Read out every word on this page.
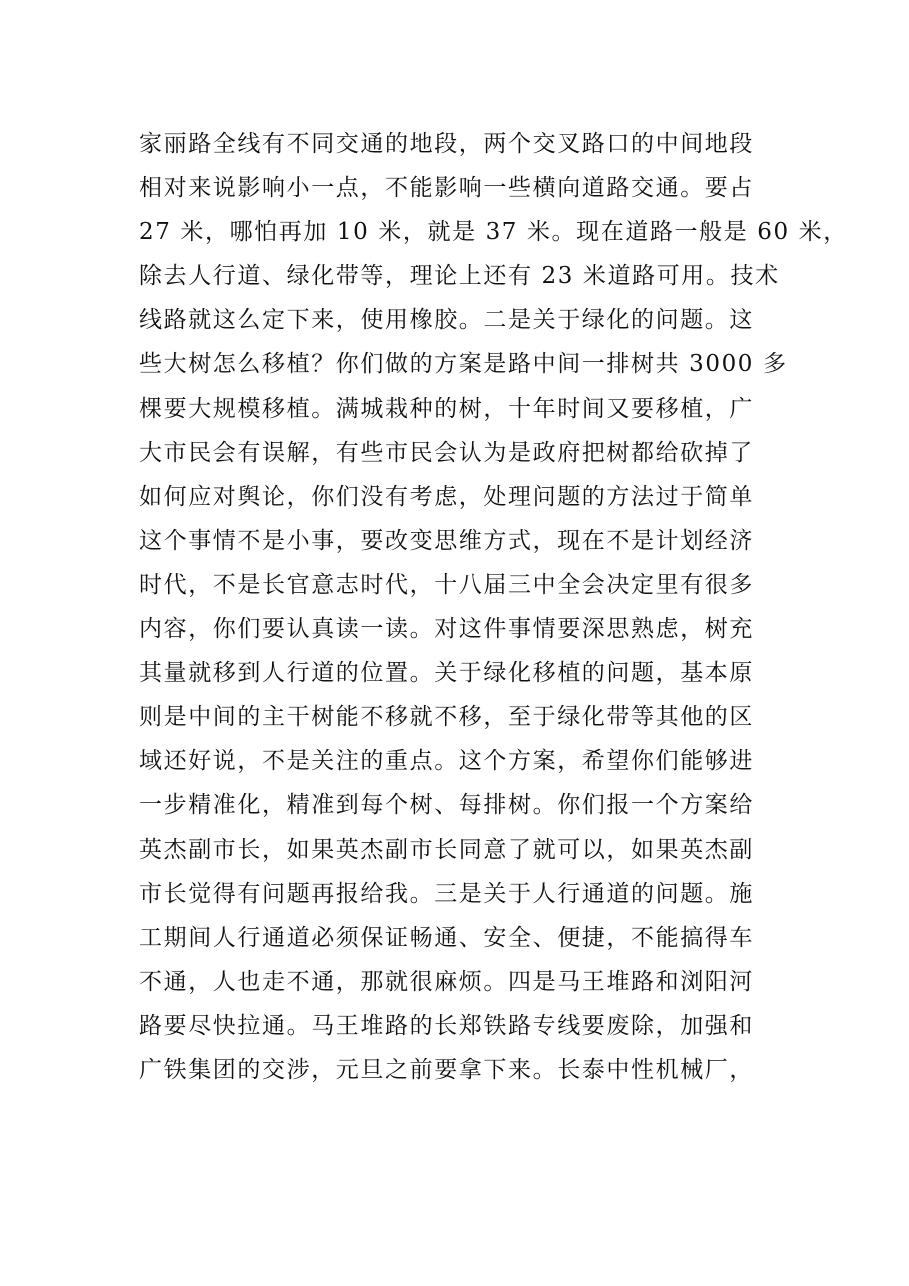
家丽路全线有不同交通的地段，两个交叉路口的中间地段
相对来说影响小一点，不能影响一些横向道路交通。要占
27 米，哪怕再加 10 米，就是 37 米。现在道路一般是 60 米，
除去人行道、绿化带等，理论上还有 23 米道路可用。技术
线路就这么定下来，使用橡胶。二是关于绿化的问题。这
些大树怎么移植？你们做的方案是路中间一排树共 3000 多
棵要大规模移植。满城栽种的树，十年时间又要移植，广
大市民会有误解，有些市民会认为是政府把树都给砍掉了
如何应对舆论，你们没有考虑，处理问题的方法过于简单
这个事情不是小事，要改变思维方式，现在不是计划经济
时代，不是长官意志时代，十八届三中全会决定里有很多
内容，你们要认真读一读。对这件事情要深思熟虑，树充
其量就移到人行道的位置。关于绿化移植的问题，基本原
则是中间的主干树能不移就不移，至于绿化带等其他的区
域还好说，不是关注的重点。这个方案，希望你们能够进
一步精准化，精准到每个树、每排树。你们报一个方案给
英杰副市长，如果英杰副市长同意了就可以，如果英杰副
市长觉得有问题再报给我。三是关于人行通道的问题。施
工期间人行通道必须保证畅通、安全、便捷，不能搞得车
不通，人也走不通，那就很麻烦。四是马王堆路和浏阳河
路要尽快拉通。马王堆路的长郑铁路专线要废除，加强和
广铁集团的交涉，元旦之前要拿下来。长泰中性机械厂，
